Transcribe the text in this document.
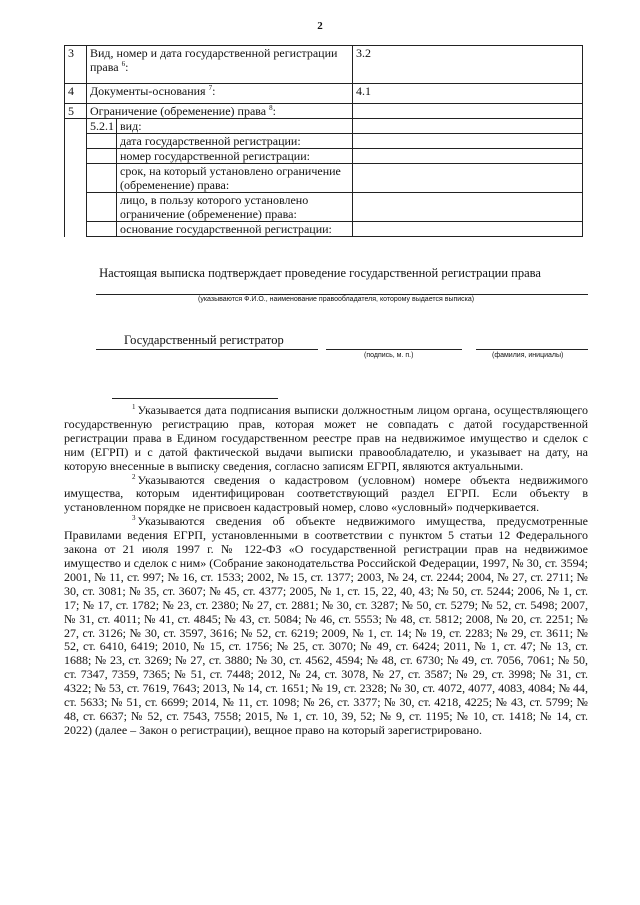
2
3	Вид, номер и дата государственной регистрации права $^6$:		3.2
4	Документы-основания $^7$:		4.1
5	Ограничение (обременение) права $^8$:		
	5.2.1	вид:	
		дата государственной регистрации:	
		номер государственной регистрации:	
		срок, на который установлено ограничение (обременение) права:	
		лицо, в пользу которого установлено ограничение (обременение) права:	
		основание государственной регистрации:	
Настоящая выписка подтверждает проведение государственной регистрации права
(указываются Ф.И.О., наименование правообладателя, которому выдается выписка)
Государственный регистратор
(подпись, м. п.)	(фамилия, инициалы)

$^1$ Указывается дата подписания выписки должностным лицом органа, осуществляющего государственную регистрацию прав, которая может не совпадать с датой государственной регистрации права в Едином государственном реестре прав на недвижимое имущество и сделок с ним (ЕГРП) и с датой фактической выдачи выписки правообладателю, и указывает на дату, на которую внесенные в выписку сведения, согласно записям ЕГРП, являются актуальными.

$^2$ Указываются сведения о кадастровом (условном) номере объекта недвижимого имущества, которым идентифицирован соответствующий раздел ЕГРП. Если объекту в установленном порядке не присвоен кадастровый номер, слово «условный» подчеркивается.

$^3$ Указываются сведения об объекте недвижимого имущества, предусмотренные Правилами ведения ЕГРП, установленными в соответствии с пунктом 5 статьи 12 Федерального закона от 21 июля 1997 г. № 122-ФЗ «О государственной регистрации прав на недвижимое имущество и сделок с ним» (Собрание законодательства Российской Федерации, 1997, № 30, ст. 3594; 2001, № 11, ст. 997; № 16, ст. 1533; 2002, № 15, ст. 1377; 2003, № 24, ст. 2244; 2004, № 27, ст. 2711; № 30, ст. 3081; № 35, ст. 3607; № 45, ст. 4377; 2005, № 1, ст. 15, 22, 40, 43; № 50, ст. 5244; 2006, № 1, ст. 17; № 17, ст. 1782; № 23, ст. 2380; № 27, ст. 2881; № 30, ст. 3287; № 50, ст. 5279; № 52, ст. 5498; 2007, № 31, ст. 4011; № 41, ст. 4845; № 43, ст. 5084; № 46, ст. 5553; № 48, ст. 5812; 2008, № 20, ст. 2251; № 27, ст. 3126; № 30, ст. 3597, 3616; № 52, ст. 6219; 2009, № 1, ст. 14; № 19, ст. 2283; № 29, ст. 3611; № 52, ст. 6410, 6419; 2010, № 15, ст. 1756; № 25, ст. 3070; № 49, ст. 6424; 2011, № 1, ст. 47; № 13, ст. 1688; № 23, ст. 3269; № 27, ст. 3880; № 30, ст. 4562, 4594; № 48, ст. 6730; № 49, ст. 7056, 7061; № 50, ст. 7347, 7359, 7365; № 51, ст. 7448; 2012, № 24, ст. 3078, № 27, ст. 3587; № 29, ст. 3998; № 31, ст. 4322; № 53, ст. 7619, 7643; 2013, № 14, ст. 1651; № 19, ст. 2328; № 30, ст. 4072, 4077, 4083, 4084; № 44, ст. 5633; № 51, ст. 6699; 2014, № 11, ст. 1098; № 26, ст. 3377; № 30, ст. 4218, 4225; № 43, ст. 5799; № 48, ст. 6637; № 52, ст. 7543, 7558; 2015, № 1, ст. 10, 39, 52; № 9, ст. 1195; № 10, ст. 1418; № 14, ст. 2022) (далее – Закон о регистрации), вещное право на который зарегистрировано.
